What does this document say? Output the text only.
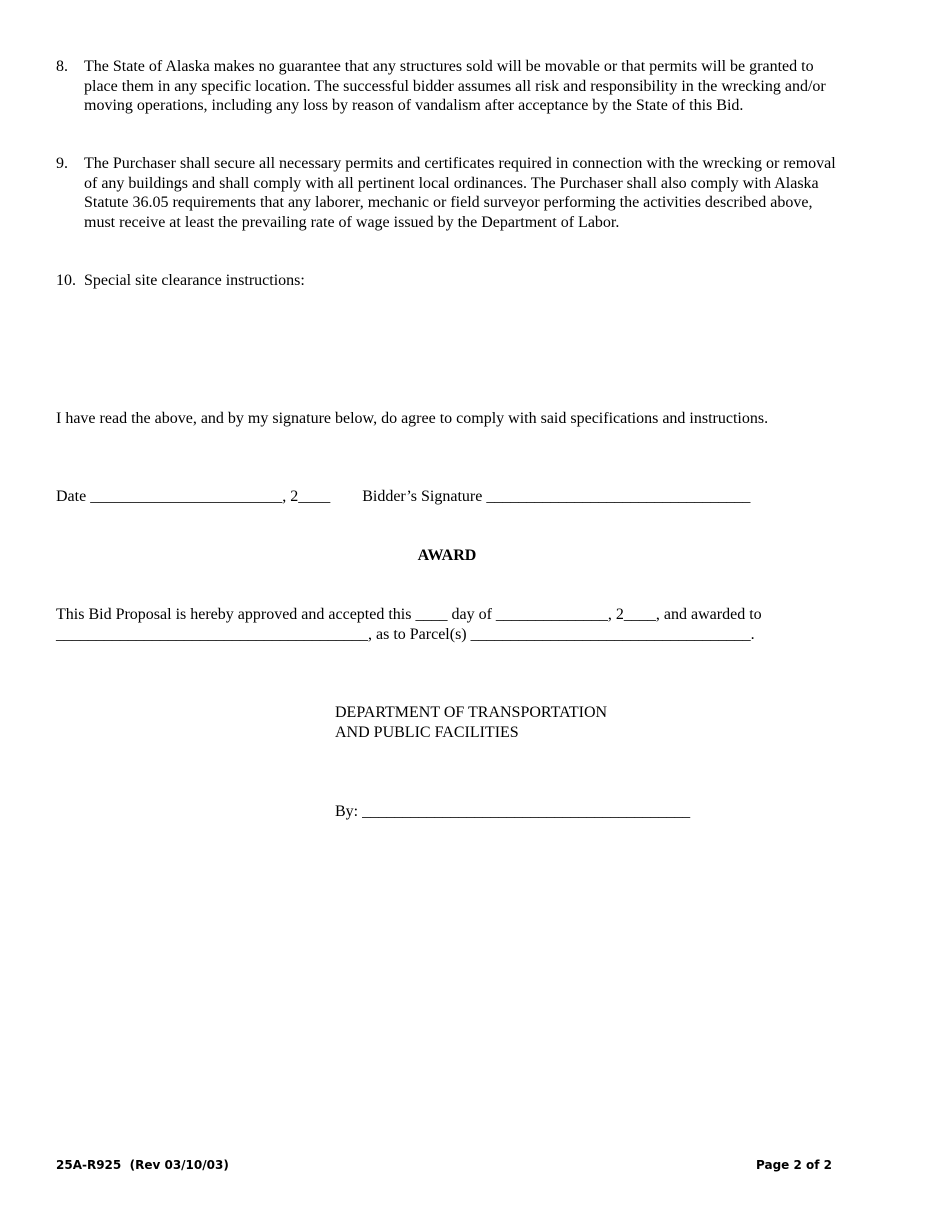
8. The State of Alaska makes no guarantee that any structures sold will be movable or that permits will be granted to place them in any specific location. The successful bidder assumes all risk and responsibility in the wrecking and/or moving operations, including any loss by reason of vandalism after acceptance by the State of this Bid.
9. The Purchaser shall secure all necessary permits and certificates required in connection with the wrecking or removal of any buildings and shall comply with all pertinent local ordinances. The Purchaser shall also comply with Alaska Statute 36.05 requirements that any laborer, mechanic or field surveyor performing the activities described above, must receive at least the prevailing rate of wage issued by the Department of Labor.
10. Special site clearance instructions:
I have read the above, and by my signature below, do agree to comply with said specifications and instructions.
Date ________________________, 2____        Bidder’s Signature _________________________________
AWARD
This Bid Proposal is hereby approved and accepted this ____ day of ______________, 2____, and awarded to
_______________________________________, as to Parcel(s) ___________________________________.
DEPARTMENT OF TRANSPORTATION
AND PUBLIC FACILITIES
By: _________________________________________
25A-R925  (Rev 03/10/03)	Page 2 of 2
